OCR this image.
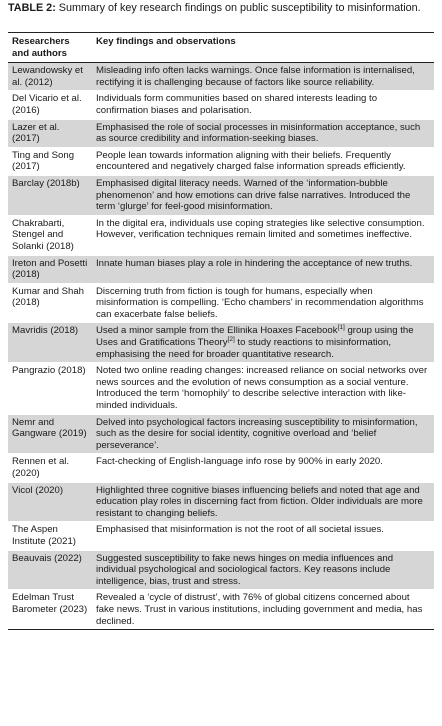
TABLE 2: Summary of key research findings on public susceptibility to misinformation.
Researchers and authors	Key findings and observations
Lewandowsky et al. (2012)	Misleading info often lacks warnings. Once false information is internalised, rectifying it is challenging because of factors like source reliability.
Del Vicario et al. (2016)	Individuals form communities based on shared interests leading to confirmation biases and polarisation.
Lazer et al. (2017)	Emphasised the role of social processes in misinformation acceptance, such as source credibility and information-seeking biases.
Ting and Song (2017)	People lean towards information aligning with their beliefs. Frequently encountered and negatively charged false information spreads efficiently.
Barclay (2018b)	Emphasised digital literacy needs. Warned of the ‘information-bubble phenomenon’ and how emotions can drive false narratives. Introduced the term ‘glurge’ for feel-good misinformation.
Chakrabarti, Stengel and Solanki (2018)	In the digital era, individuals use coping strategies like selective consumption. However, verification techniques remain limited and sometimes ineffective.
Ireton and Posetti (2018)	Innate human biases play a role in hindering the acceptance of new truths.
Kumar and Shah (2018)	Discerning truth from fiction is tough for humans, especially when misinformation is compelling. ‘Echo chambers’ in recommendation algorithms can exacerbate false beliefs.
Mavridis (2018)	Used a minor sample from the Ellinika Hoaxes Facebook[1] group using the Uses and Gratifications Theory[2] to study reactions to misinformation, emphasising the need for broader quantitative research.
Pangrazio (2018)	Noted two online reading changes: increased reliance on social networks over news sources and the evolution of news consumption as a social venture. Introduced the term ‘homophily’ to describe selective interaction with like-minded individuals.
Nemr and Gangware (2019)	Delved into psychological factors increasing susceptibility to misinformation, such as the desire for social identity, cognitive overload and ‘belief perseverance’.
Rennen et al. (2020)	Fact-checking of English-language info rose by 900% in early 2020.
Vicol (2020)	Highlighted three cognitive biases influencing beliefs and noted that age and education play roles in discerning fact from fiction. Older individuals are more resistant to changing beliefs.
The Aspen Institute (2021)	Emphasised that misinformation is not the root of all societal issues.
Beauvais (2022)	Suggested susceptibility to fake news hinges on media influences and individual psychological and sociological factors. Key reasons include intelligence, bias, trust and stress.
Edelman Trust Barometer (2023)	Revealed a ‘cycle of distrust’, with 76% of global citizens concerned about fake news. Trust in various institutions, including government and media, has declined.
